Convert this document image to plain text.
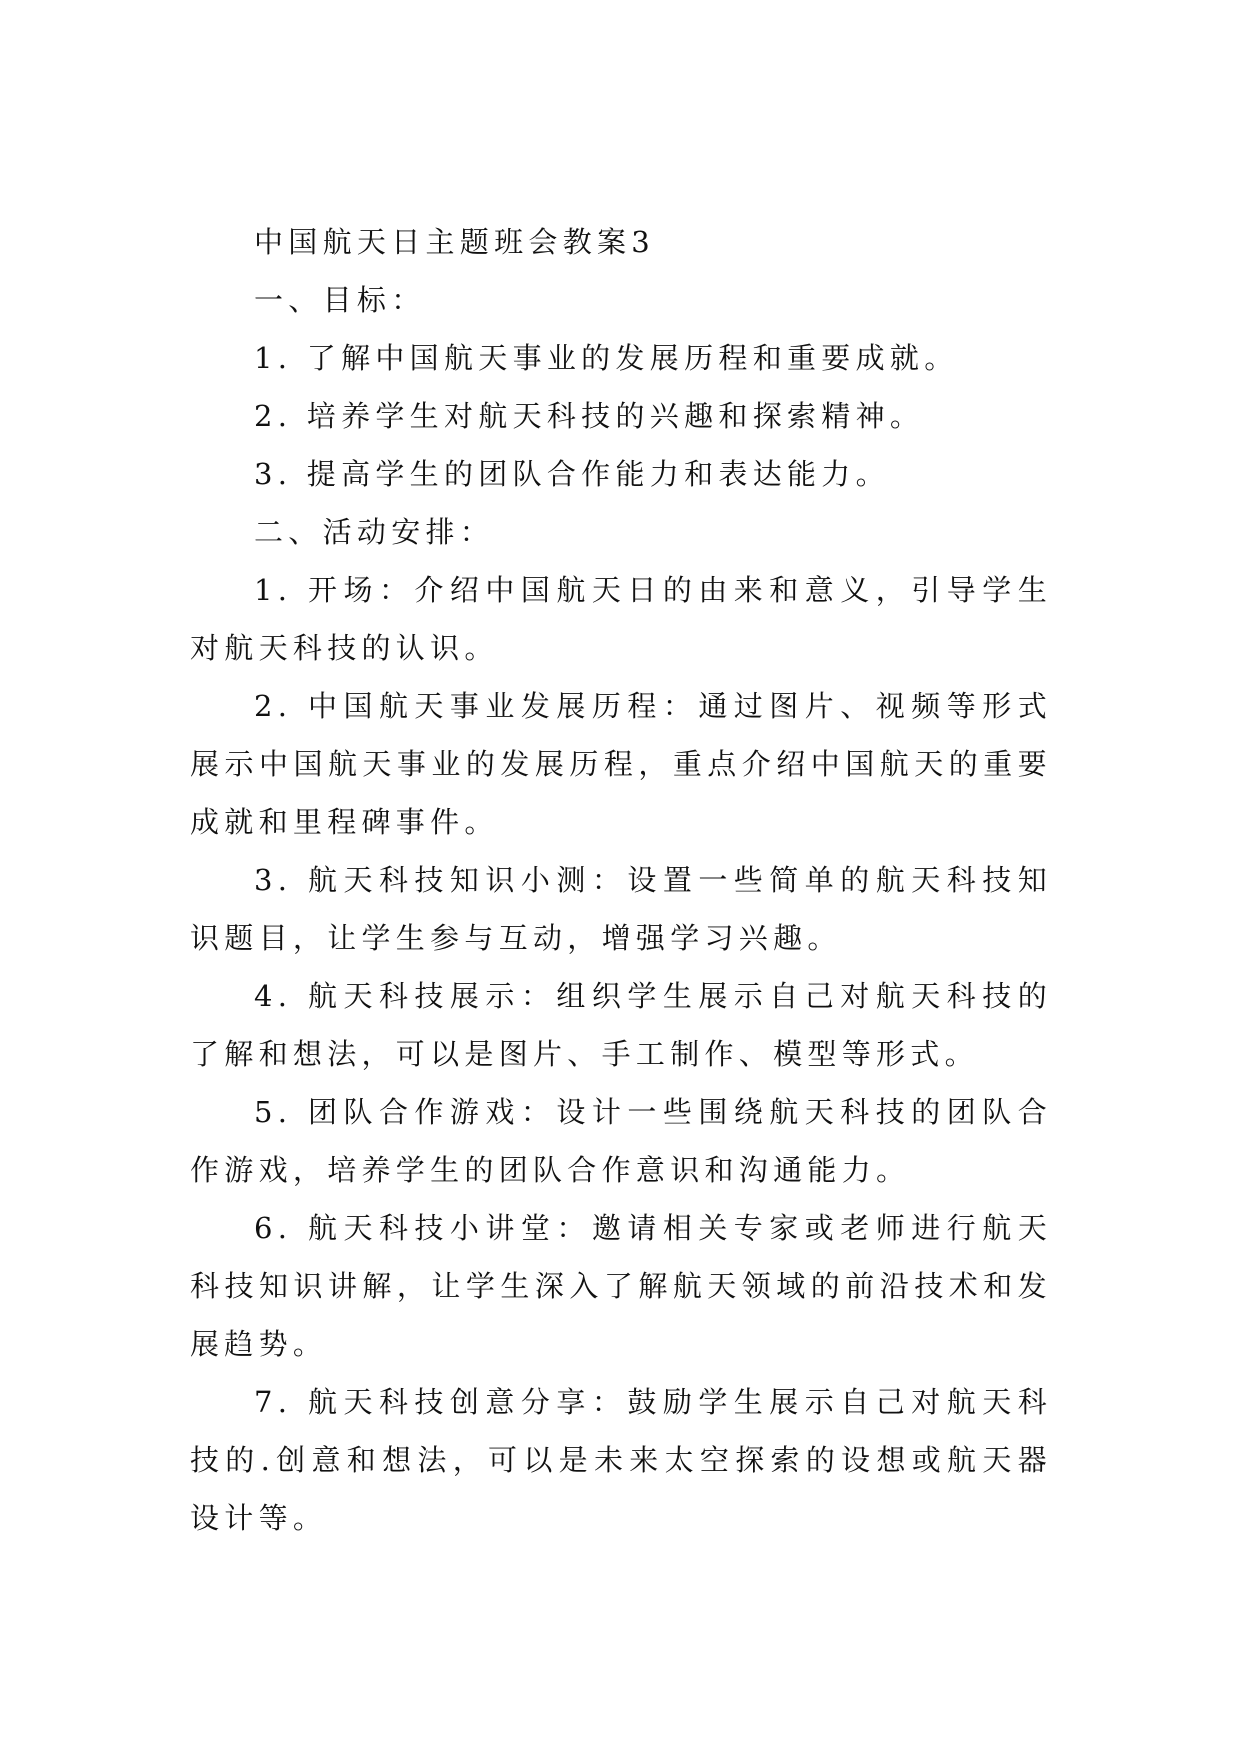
中国航天日主题班会教案3

一、目标：

1. 了解中国航天事业的发展历程和重要成就。

2. 培养学生对航天科技的兴趣和探索精神。

3. 提高学生的团队合作能力和表达能力。

二、活动安排：

1. 开场：介绍中国航天日的由来和意义，引导学生对航天科技的认识。

2. 中国航天事业发展历程：通过图片、视频等形式展示中国航天事业的发展历程，重点介绍中国航天的重要成就和里程碑事件。

3. 航天科技知识小测：设置一些简单的航天科技知识题目，让学生参与互动，增强学习兴趣。

4. 航天科技展示：组织学生展示自己对航天科技的了解和想法，可以是图片、手工制作、模型等形式。

5. 团队合作游戏：设计一些围绕航天科技的团队合作游戏，培养学生的团队合作意识和沟通能力。

6. 航天科技小讲堂：邀请相关专家或老师进行航天科技知识讲解，让学生深入了解航天领域的前沿技术和发展趋势。

7. 航天科技创意分享：鼓励学生展示自己对航天科技的.创意和想法，可以是未来太空探索的设想或航天器设计等。
